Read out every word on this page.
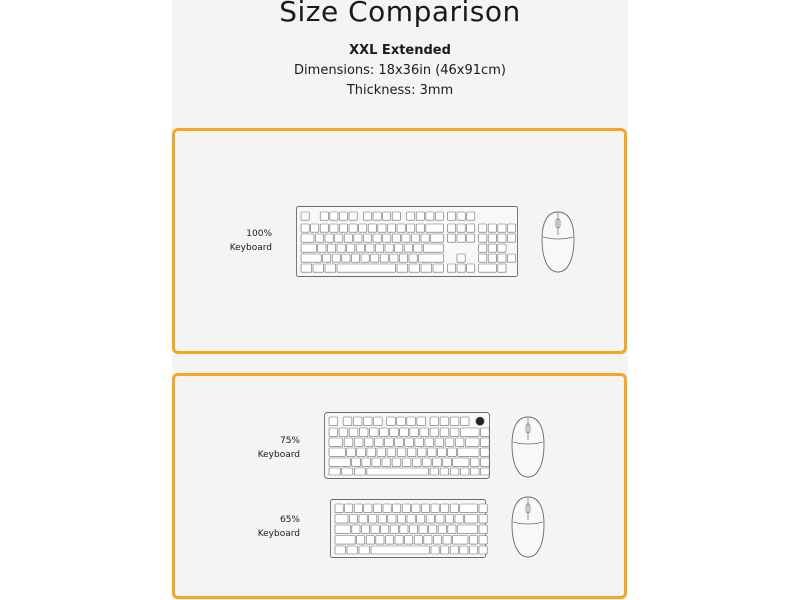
Size Comparison
XXL Extended
Dimensions: 18x36in (46x91cm)
Thickness: 3mm
100%
Keyboard
75%
Keyboard
65%
Keyboard
